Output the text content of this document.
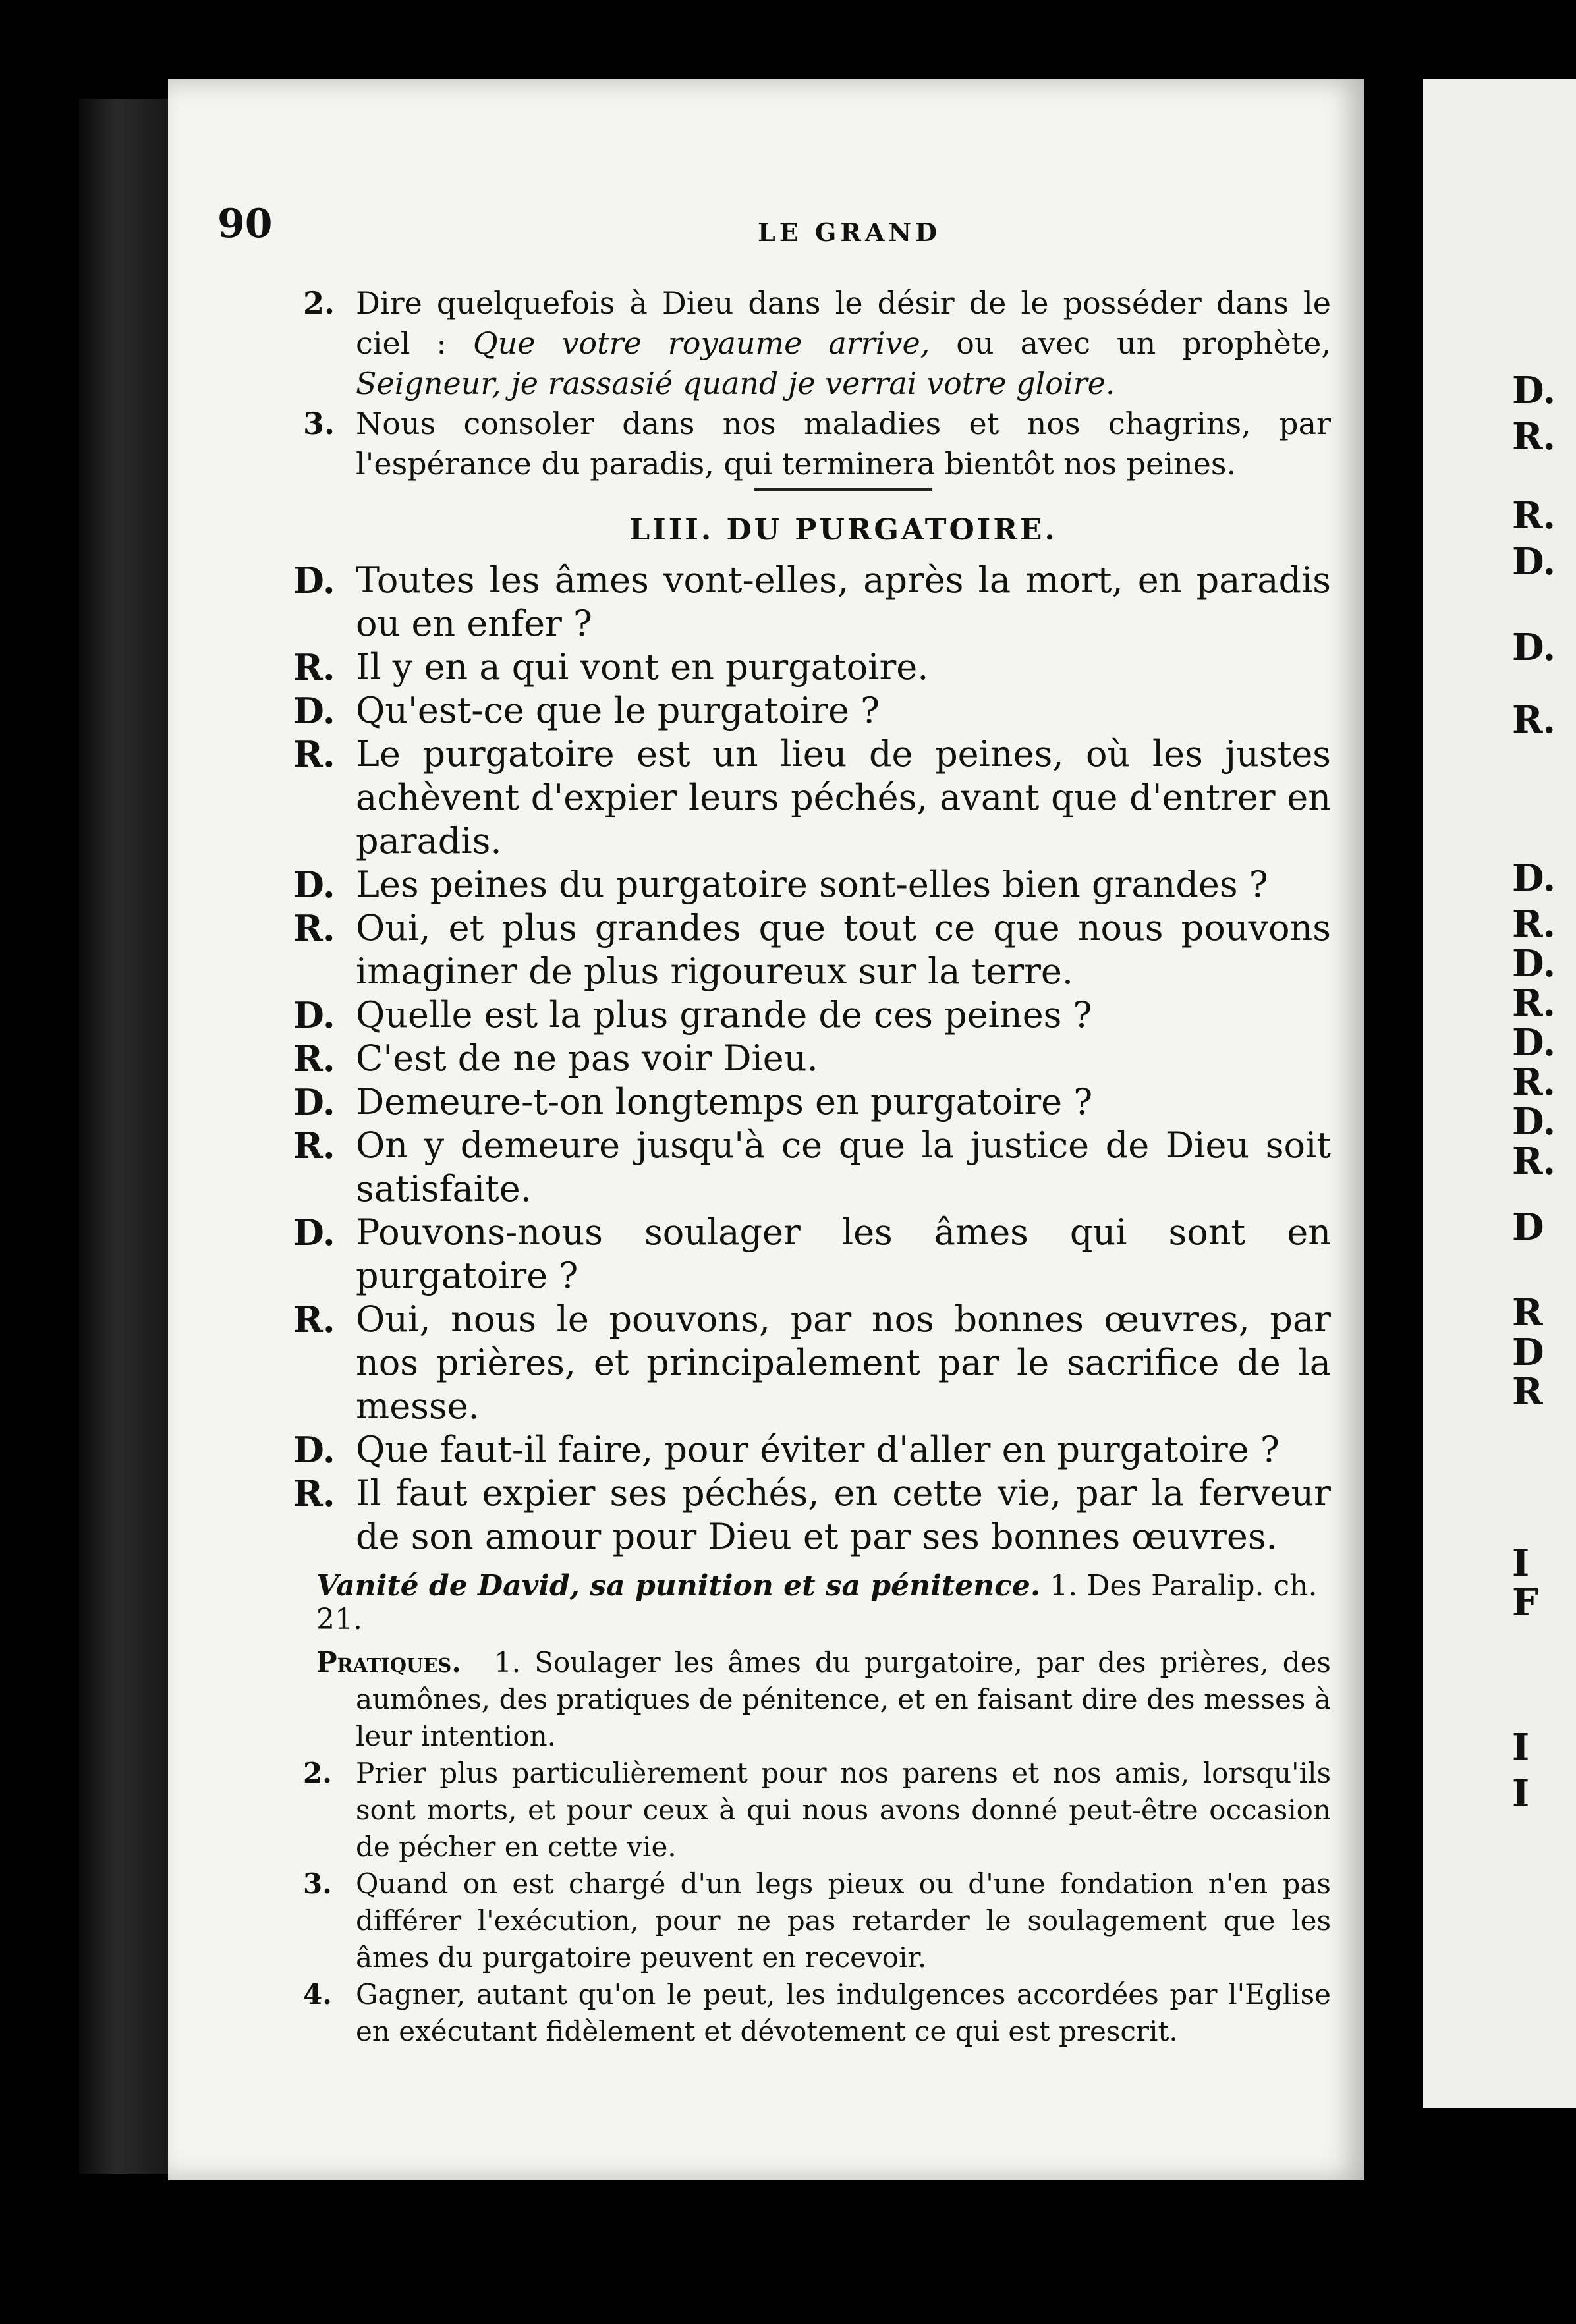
D.
R.
R.
D.
D.
R.
D.
R.
D.
R.
D.
R.
D.
R.
D
R
D
R
I
F
I
I
90	LE GRAND
2. Dire quelquefois à Dieu dans le désir de le posséder dans le ciel : Que votre royaume arrive, ou avec un prophète, Seigneur, je rassasié quand je verrai votre gloire.
3. Nous consoler dans nos maladies et nos chagrins, par l'espérance du paradis, qui terminera bientôt nos peines.
LIII. DU PURGATOIRE.
D. Toutes les âmes vont-elles, après la mort, en paradis ou en enfer ?
R. Il y en a qui vont en purgatoire.
D. Qu'est-ce que le purgatoire ?
R. Le purgatoire est un lieu de peines, où les justes achèvent d'expier leurs péchés, avant que d'entrer en paradis.
D. Les peines du purgatoire sont-elles bien grandes ?
R. Oui, et plus grandes que tout ce que nous pouvons imaginer de plus rigoureux sur la terre.
D. Quelle est la plus grande de ces peines ?
R. C'est de ne pas voir Dieu.
D. Demeure-t-on longtemps en purgatoire ?
R. On y demeure jusqu'à ce que la justice de Dieu soit satisfaite.
D. Pouvons-nous soulager les âmes qui sont en purgatoire ?
R. Oui, nous le pouvons, par nos bonnes œuvres, par nos prières, et principalement par le sacrifice de la messe.
D. Que faut-il faire, pour éviter d'aller en purgatoire ?
R. Il faut expier ses péchés, en cette vie, par la ferveur de son amour pour Dieu et par ses bonnes œuvres.
Vanité de David, sa punition et sa pénitence. 1. Des Paralip. ch. 21.
Pratiques. 1. Soulager les âmes du purgatoire, par des prières, des aumônes, des pratiques de pénitence, et en faisant dire des messes à leur intention.
2. Prier plus particulièrement pour nos parens et nos amis, lorsqu'ils sont morts, et pour ceux à qui nous avons donné peut-être occasion de pécher en cette vie.
3. Quand on est chargé d'un legs pieux ou d'une fondation n'en pas différer l'exécution, pour ne pas retarder le soulagement que les âmes du purgatoire peuvent en recevoir.
4. Gagner, autant qu'on le peut, les indulgences accordées par l'Eglise en exécutant fidèlement et dévotement ce qui est prescrit.
